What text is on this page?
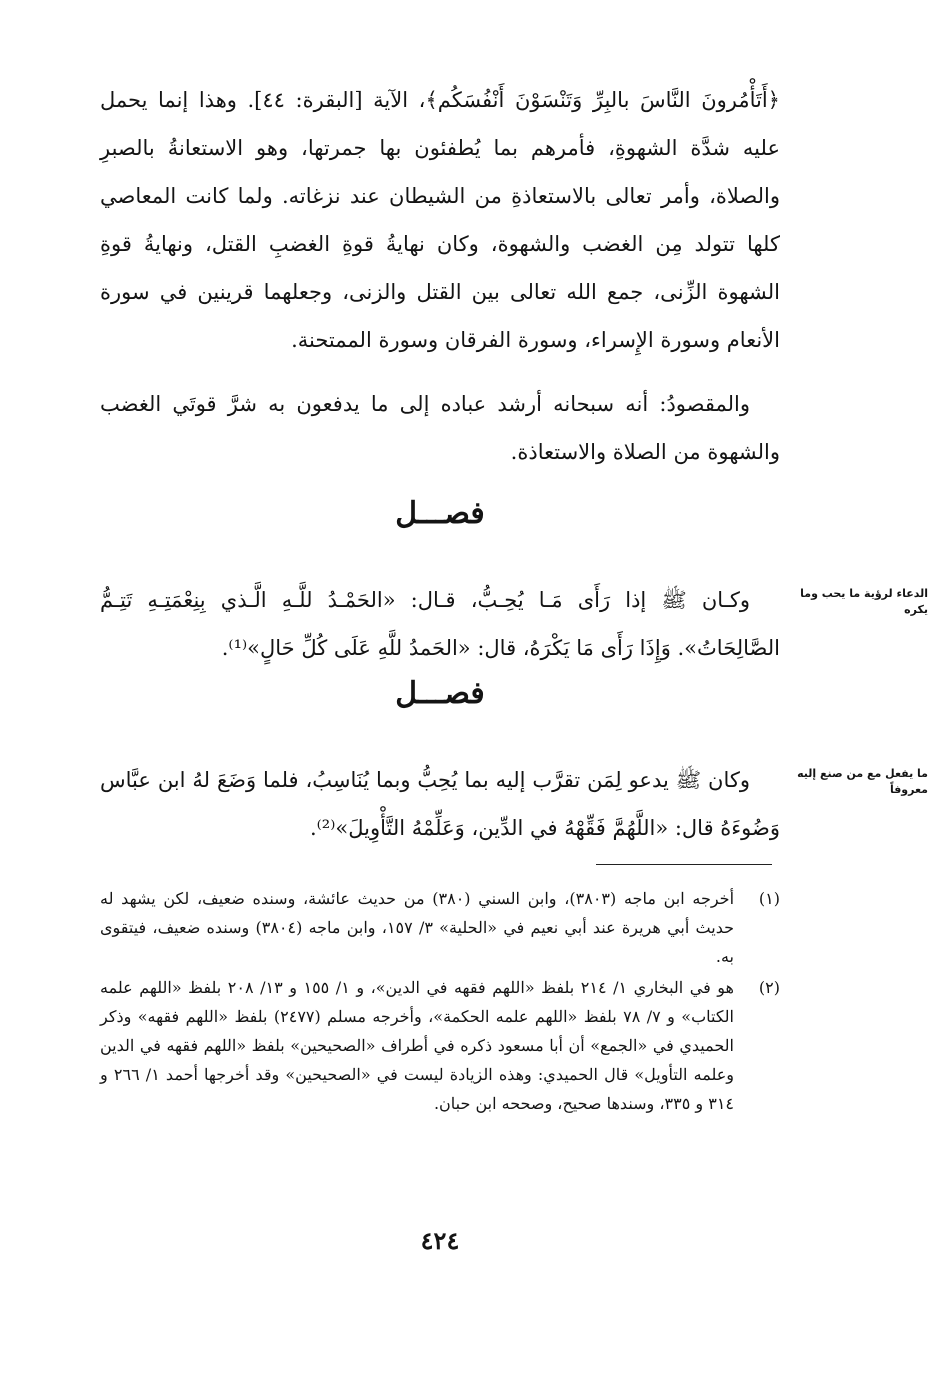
﴿أَتَأْمُرونَ النَّاسَ بالبِرِّ وَتَنْسَوْنَ أَنْفُسَكُم﴾، الآية [البقرة: ٤٤]. وهذا إنما يحمل عليه شدَّة الشهوةِ، فأمرهم بما يُطفئون بها جمرتها، وهو الاستعانةُ بالصبرِ والصلاة، وأمر تعالى بالاستعاذةِ من الشيطان عند نزغاته. ولما كانت المعاصي كلها تتولد مِن الغضب والشهوة، وكان نهايةُ قوةِ الغضبِ القتل، ونهايةُ قوةِ الشهوة الزِّنى، جمع الله تعالى بين القتل والزنى، وجعلهما قرينين في سورة الأنعام وسورة الإِسراء، وسورة الفرقان وسورة الممتحنة.

والمقصودُ: أنه سبحانه أرشد عباده إلى ما يدفعون به شرَّ قوتَي الغضب والشهوة من الصلاة والاستعاذة.
فصـــل
الدعاء لرؤية ما يحب وما يكره
وكـان ﷺ إذا رَأَى مَـا يُحِـبُّ، قـال: «الحَمْـدُ للَّـهِ الَّـذي بِنِعْمَتِـهِ تَتِـمُّ الصَّالِحَاتُ». وَإِذَا رَأَى مَا يَكْرَهُ، قال: «الحَمدُ للَّهِ عَلَى كُلِّ حَالٍ»⁽¹⁾.
فصـــل
ما يفعل مع من صنع إليه معروفاً
وكان ﷺ يدعو لِمَن تقرَّب إليه بما يُحِبُّ وبما يُنَاسِبُ، فلما وَضَعَ لهُ ابن عبَّاس وَضُوءَهُ قال: «اللَّهُمَّ فَقِّهْهُ في الدِّين، وَعَلِّمْهُ التَّأْوِيلَ»⁽²⁾.
(١)
أخرجه ابن ماجه (٣٨٠٣)، وابن السني (٣٨٠) من حديث عائشة، وسنده ضعيف، لكن يشهد له حديث أبي هريرة عند أبي نعيم في «الحلية» ٣/ ١٥٧، وابن ماجه (٣٨٠٤) وسنده ضعيف، فيتقوى به.
(٢)
هو في البخاري ١/ ٢١٤ بلفظ «اللهم فقهه في الدين»، و ١/ ١٥٥ و ١٣/ ٢٠٨ بلفظ «اللهم علمه الكتاب» و ٧/ ٧٨ بلفظ «اللهم علمه الحكمة»، وأخرجه مسلم (٢٤٧٧) بلفظ «اللهم فقهه» وذكر الحميدي في «الجمع» أن أبا مسعود ذكره في أطراف «الصحيحين» بلفظ «اللهم فقهه في الدين وعلمه التأويل» قال الحميدي: وهذه الزيادة ليست في «الصحيحين» وقد أخرجها أحمد ١/ ٢٦٦ و ٣١٤ و ٣٣٥، وسندها صحيح، وصححه ابن حبان.
٤٢٤
